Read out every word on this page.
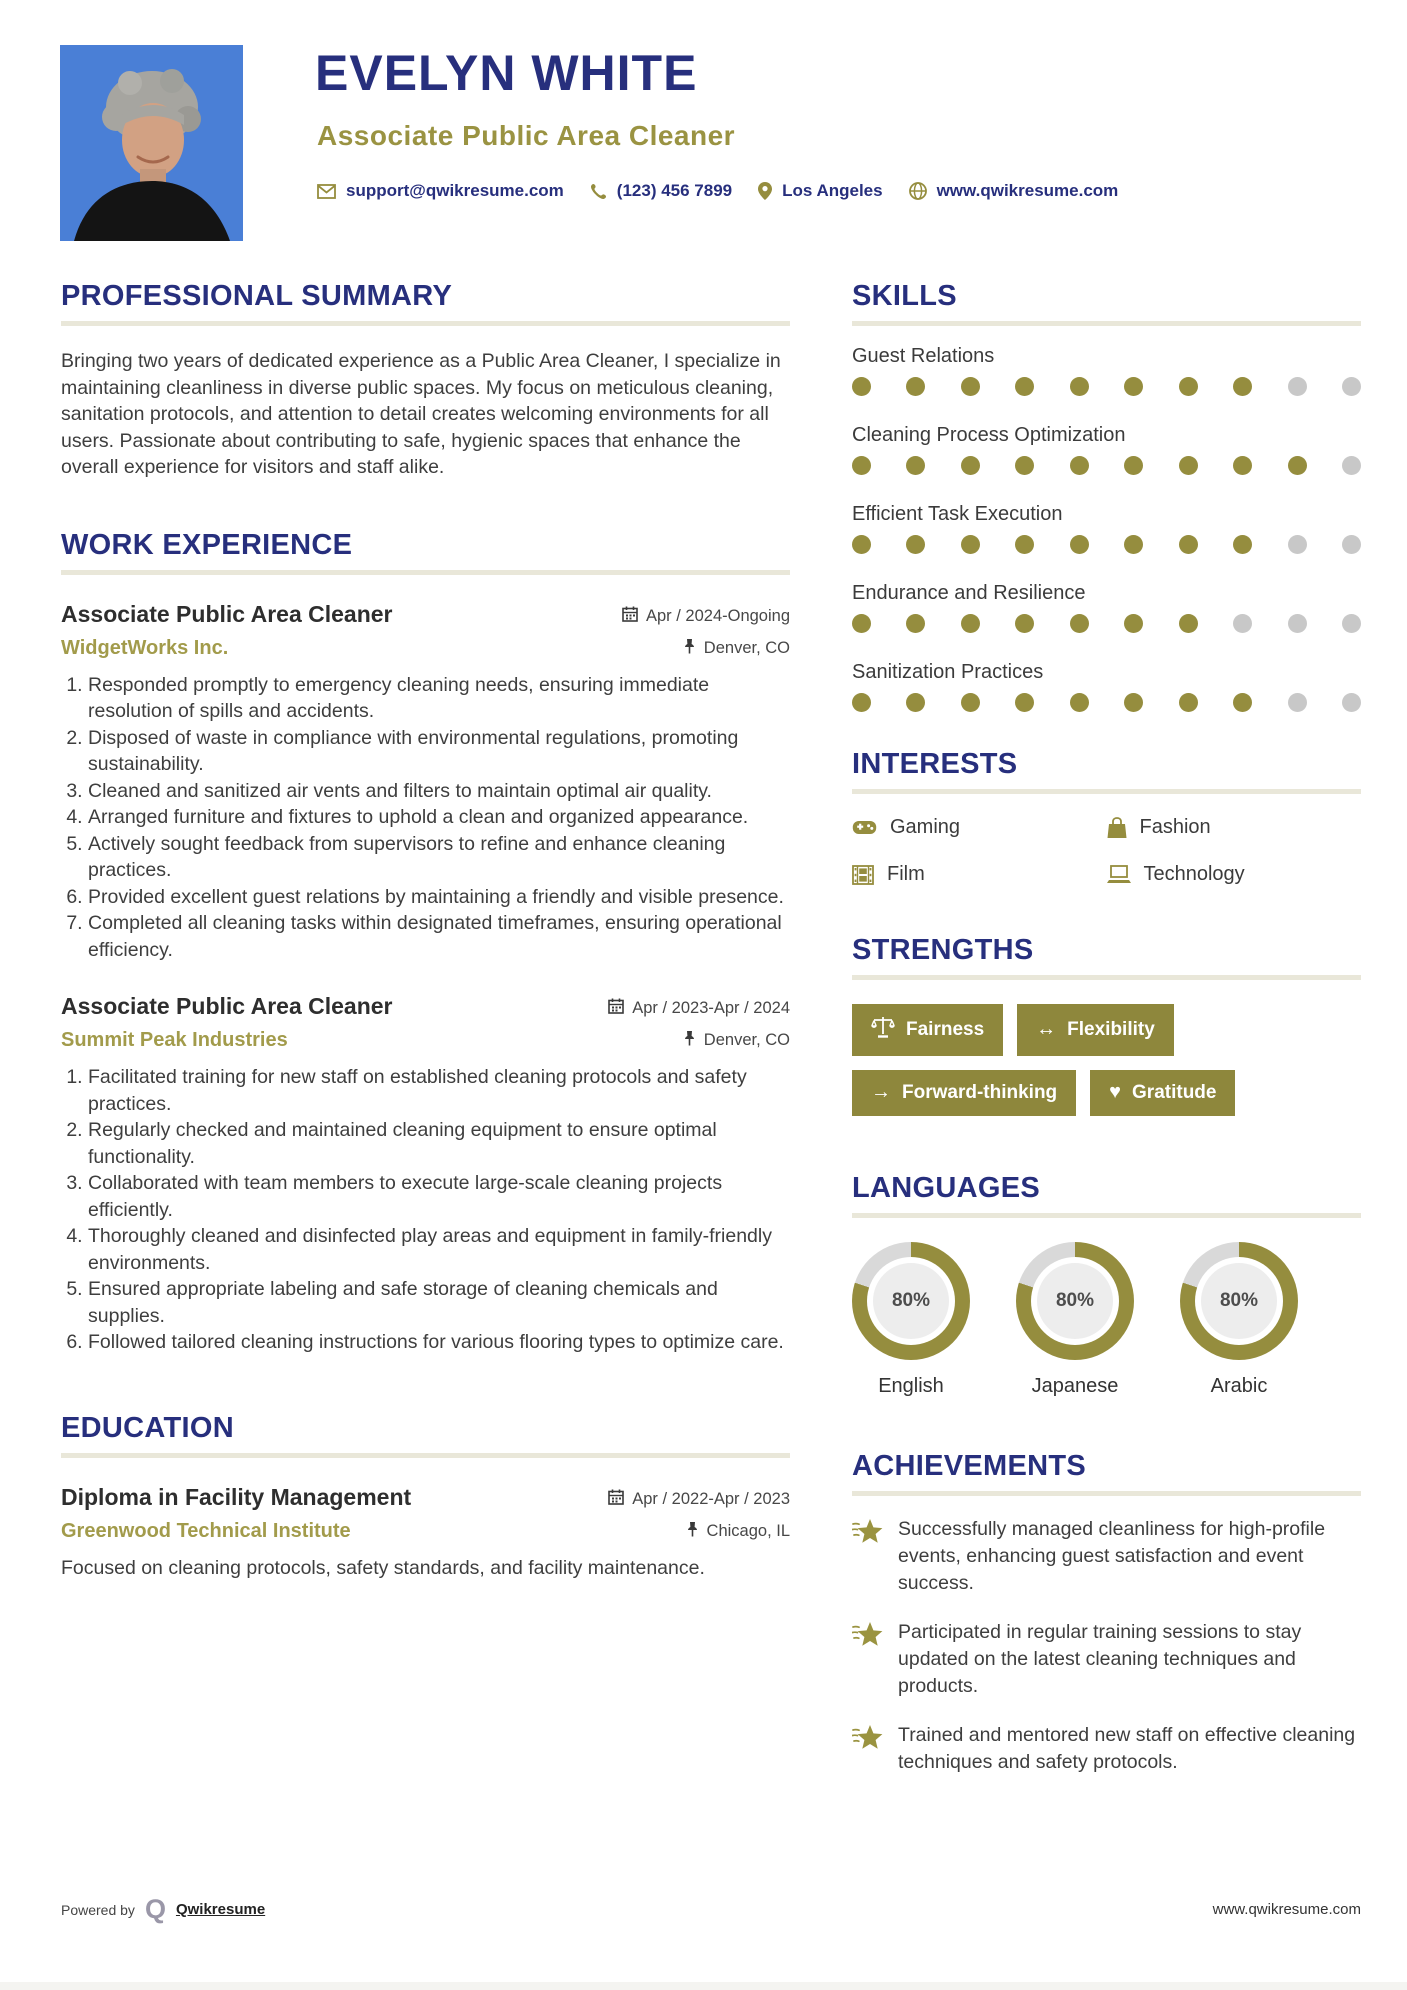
EVELYN WHITE
Associate Public Area Cleaner
support@qwikresume.com	(123) 456 7899	Los Angeles	www.qwikresume.com
PROFESSIONAL SUMMARY
Bringing two years of dedicated experience as a Public Area Cleaner, I specialize in maintaining cleanliness in diverse public spaces. My focus on meticulous cleaning, sanitation protocols, and attention to detail creates welcoming environments for all users. Passionate about contributing to safe, hygienic spaces that enhance the overall experience for visitors and staff alike.
WORK EXPERIENCE
Associate Public Area Cleaner	Apr / 2024-Ongoing
WidgetWorks Inc.	Denver, CO
1. Responded promptly to emergency cleaning needs, ensuring immediate resolution of spills and accidents.
2. Disposed of waste in compliance with environmental regulations, promoting sustainability.
3. Cleaned and sanitized air vents and filters to maintain optimal air quality.
4. Arranged furniture and fixtures to uphold a clean and organized appearance.
5. Actively sought feedback from supervisors to refine and enhance cleaning practices.
6. Provided excellent guest relations by maintaining a friendly and visible presence.
7. Completed all cleaning tasks within designated timeframes, ensuring operational efficiency.
Associate Public Area Cleaner	Apr / 2023-Apr / 2024
Summit Peak Industries	Denver, CO
1. Facilitated training for new staff on established cleaning protocols and safety practices.
2. Regularly checked and maintained cleaning equipment to ensure optimal functionality.
3. Collaborated with team members to execute large-scale cleaning projects efficiently.
4. Thoroughly cleaned and disinfected play areas and equipment in family-friendly environments.
5. Ensured appropriate labeling and safe storage of cleaning chemicals and supplies.
6. Followed tailored cleaning instructions for various flooring types to optimize care.
EDUCATION
Diploma in Facility Management	Apr / 2022-Apr / 2023
Greenwood Technical Institute	Chicago, IL
Focused on cleaning protocols, safety standards, and facility maintenance.
SKILLS
Guest Relations
Cleaning Process Optimization
Efficient Task Execution
Endurance and Resilience
Sanitization Practices
INTERESTS
Gaming	Fashion
Film	Technology
STRENGTHS
Fairness	↔ Flexibility
→ Forward-thinking	♥ Gratitude
LANGUAGES
80%
English
80%
Japanese
80%
Arabic
ACHIEVEMENTS
Successfully managed cleanliness for high-profile events, enhancing guest satisfaction and event success.
Participated in regular training sessions to stay updated on the latest cleaning techniques and products.
Trained and mentored new staff on effective cleaning techniques and safety protocols.
Powered by Q Qwikresume	www.qwikresume.com
